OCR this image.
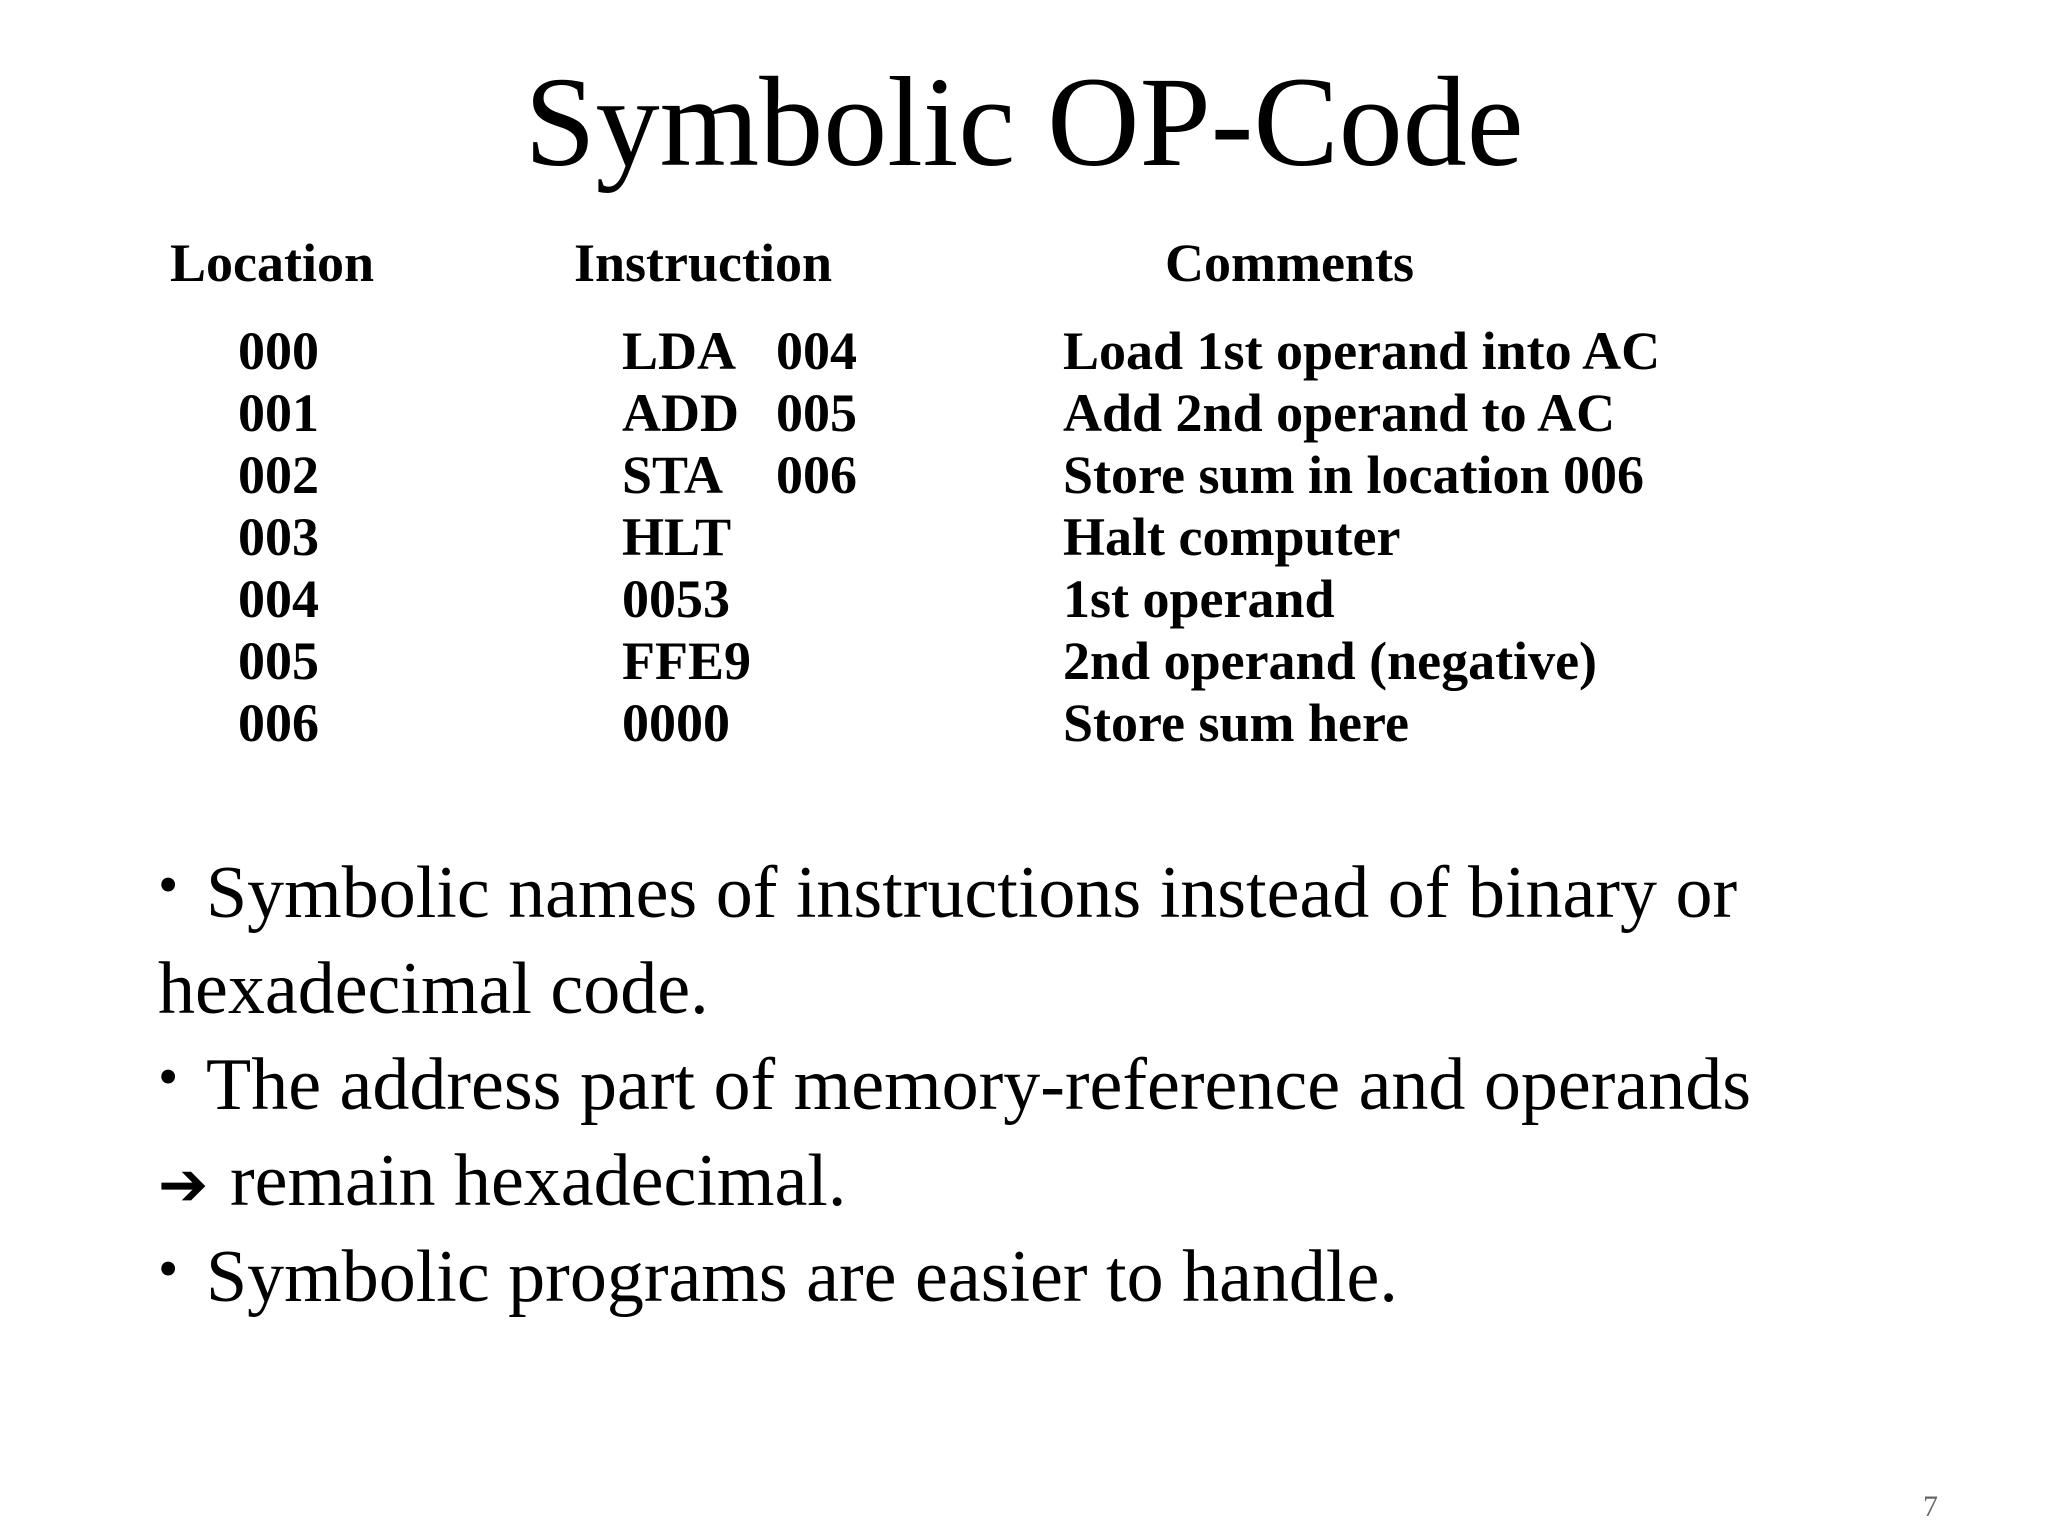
Symbolic OP-Code
Location	Instruction	Comments
000	LDA 004	Load 1st operand into AC
001	ADD 005	Add 2nd operand to AC
002	STA 006	Store sum in location 006
003	HLT	Halt computer
004	0053	1st operand
005	FFE9	2nd operand (negative)
006	0000	Store sum here
• Symbolic names of instructions instead of binary or
hexadecimal code.
• The address part of memory-reference and operands
➔ remain hexadecimal.
• Symbolic programs are easier to handle.
7
